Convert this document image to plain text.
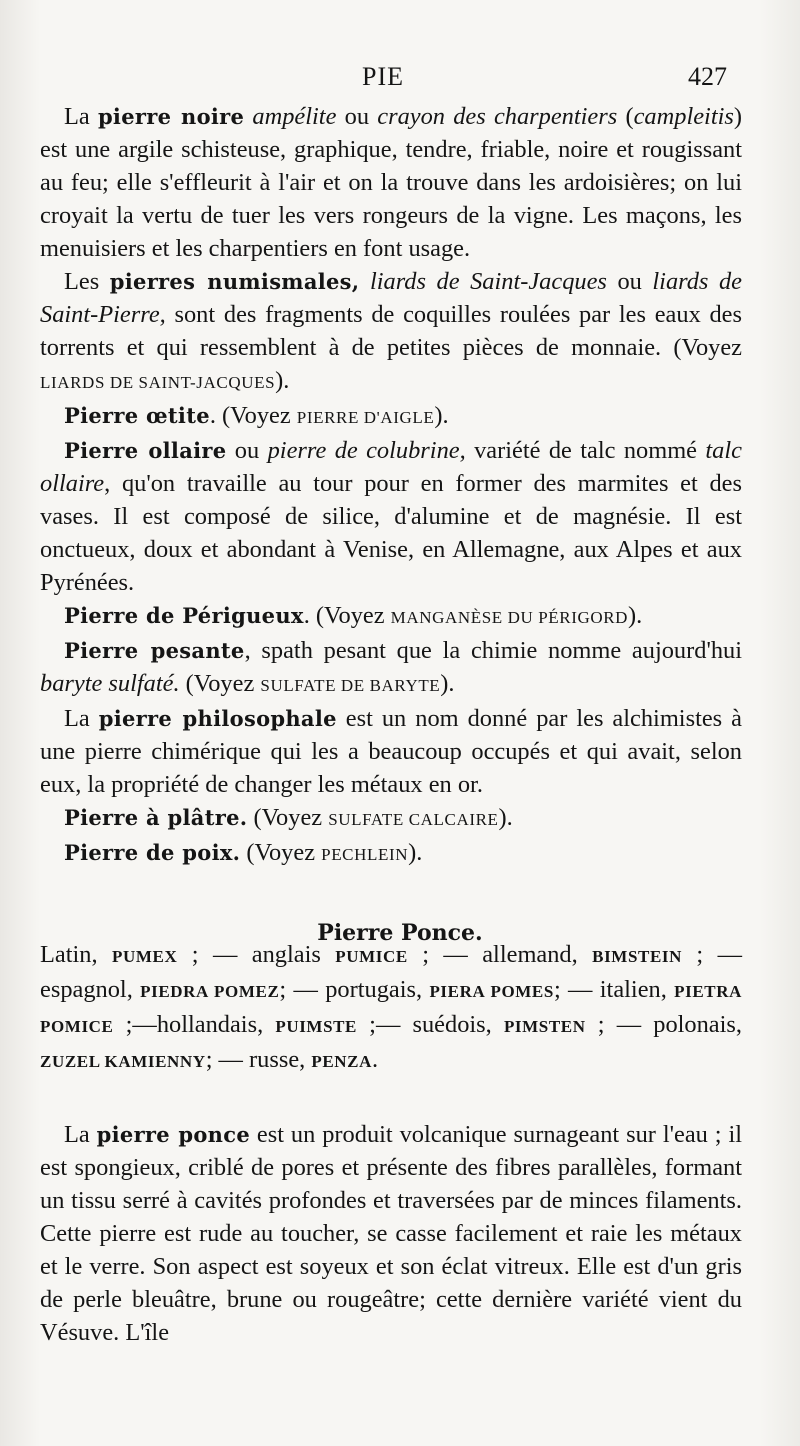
PIE	427

La pierre noire ampélite ou crayon des charpentiers (campleitis) est une argile schisteuse, graphique, tendre, friable, noire et rougissant au feu; elle s'effleurit à l'air et on la trouve dans les ardoisières; on lui croyait la vertu de tuer les vers rongeurs de la vigne. Les maçons, les menuisiers et les charpentiers en font usage.

Les pierres numismales, liards de Saint-Jacques ou liards de Saint-Pierre, sont des fragments de coquilles roulées par les eaux des torrents et qui ressemblent à de petites pièces de monnaie. (Voyez LIARDS DE SAINT-JACQUES).

Pierre œtite. (Voyez PIERRE D'AIGLE).

Pierre ollaire ou pierre de colubrine, variété de talc nommé talc ollaire, qu'on travaille au tour pour en former des marmites et des vases. Il est composé de silice, d'alumine et de magnésie. Il est onctueux, doux et abondant à Venise, en Allemagne, aux Alpes et aux Pyrénées.

Pierre de Périgueux. (Voyez MANGANÈSE DU PÉRIGORD).

Pierre pesante, spath pesant que la chimie nomme aujourd'hui baryte sulfaté. (Voyez SULFATE DE BARYTE).

La pierre philosophale est un nom donné par les alchimistes à une pierre chimérique qui les a beaucoup occupés et qui avait, selon eux, la propriété de changer les métaux en or.

Pierre à plâtre. (Voyez SULFATE CALCAIRE).

Pierre de poix. (Voyez PECHLEIN).

Pierre Ponce.

Latin, PUMEX ; — anglais PUMICE ; — allemand, BIMSTEIN ; — espagnol, PIEDRA POMEZ; — portugais, PIERA POMES; — italien, PIETRA POMICE ;—hollandais, PUIMSTE ;— suédois, PIMSTEN ; — polonais, ZUZEL KAMIENNY; — russe, PENZA.

La pierre ponce est un produit volcanique surnageant sur l'eau ; il est spongieux, criblé de pores et présente des fibres parallèles, formant un tissu serré à cavités profondes et traversées par de minces filaments. Cette pierre est rude au toucher, se casse facilement et raie les métaux et le verre. Son aspect est soyeux et son éclat vitreux. Elle est d'un gris de perle bleuâtre, brune ou rougeâtre; cette dernière variété vient du Vésuve. L'île
